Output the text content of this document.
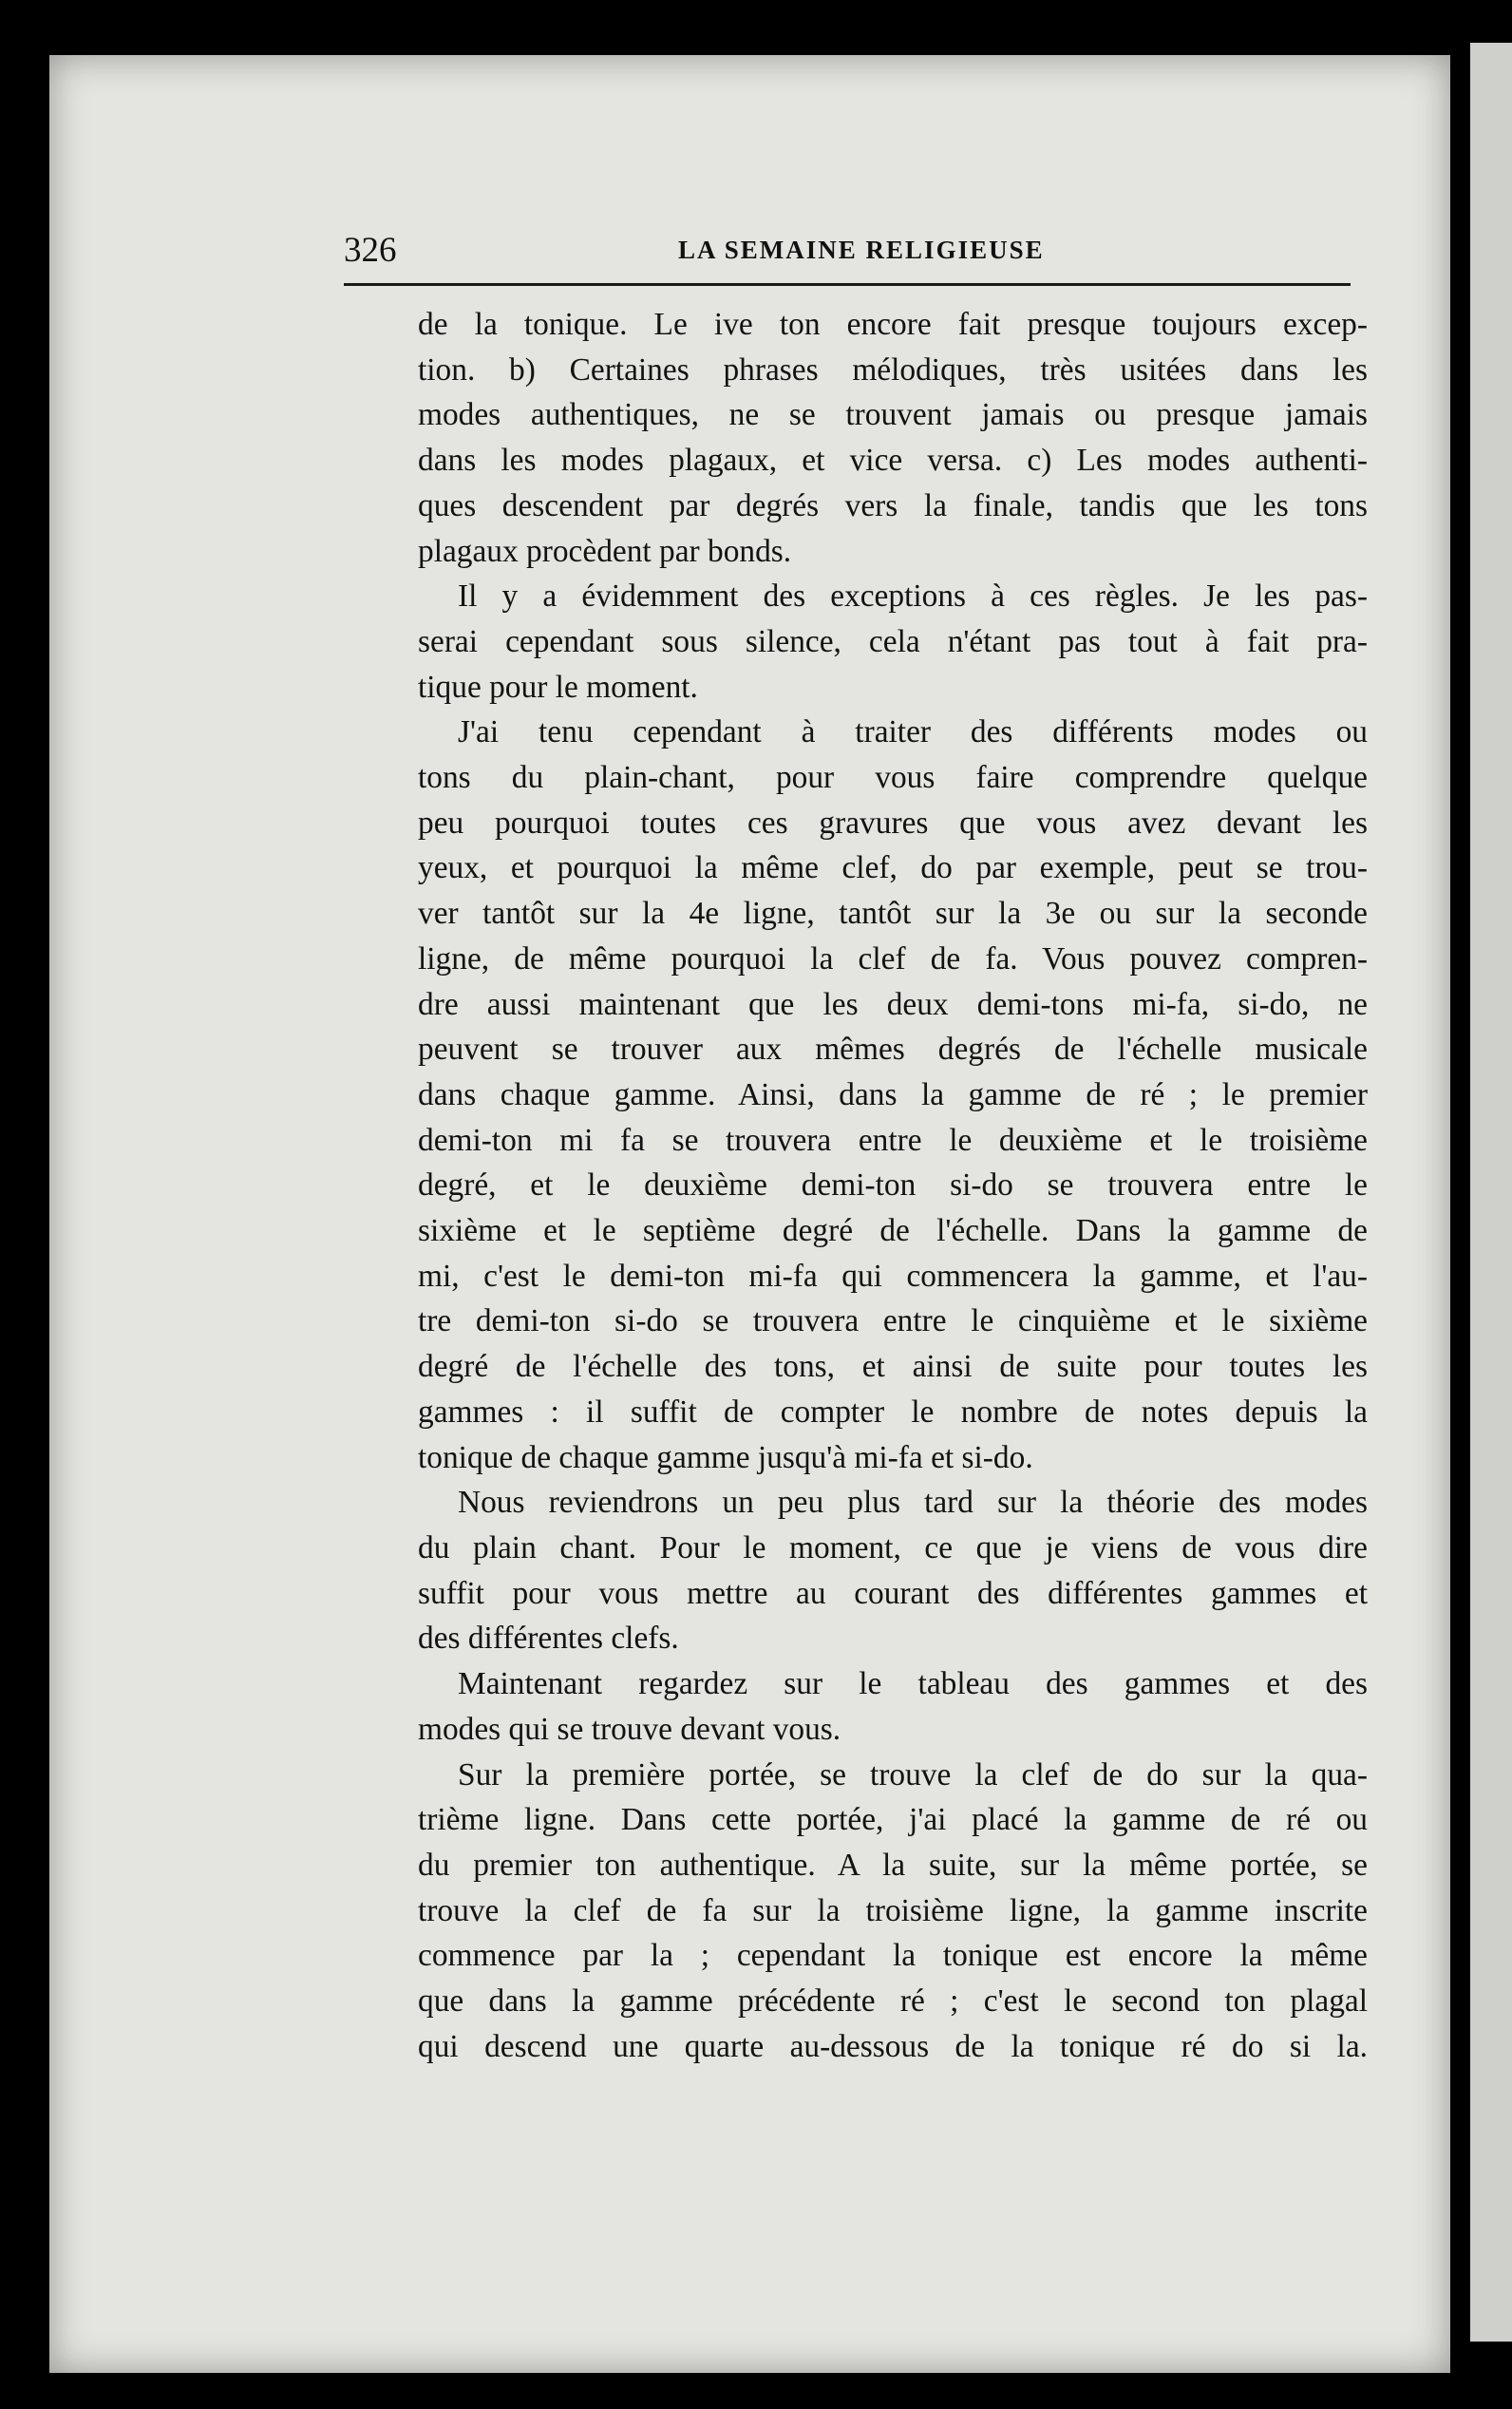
326	LA SEMAINE RELIGIEUSE
de la tonique. Le ive ton encore fait presque toujours excep-
tion. b) Certaines phrases mélodiques, très usitées dans les
modes authentiques, ne se trouvent jamais ou presque jamais
dans les modes plagaux, et vice versa. c) Les modes authenti-
ques descendent par degrés vers la finale, tandis que les tons
plagaux procèdent par bonds.
Il y a évidemment des exceptions à ces règles. Je les pas-
serai cependant sous silence, cela n'étant pas tout à fait pra-
tique pour le moment.
J'ai tenu cependant à traiter des différents modes ou
tons du plain-chant, pour vous faire comprendre quelque
peu pourquoi toutes ces gravures que vous avez devant les
yeux, et pourquoi la même clef, do par exemple, peut se trou-
ver tantôt sur la 4e ligne, tantôt sur la 3e ou sur la seconde
ligne, de même pourquoi la clef de fa. Vous pouvez compren-
dre aussi maintenant que les deux demi-tons mi-fa, si-do, ne
peuvent se trouver aux mêmes degrés de l'échelle musicale
dans chaque gamme. Ainsi, dans la gamme de ré ; le premier
demi-ton mi fa se trouvera entre le deuxième et le troisième
degré, et le deuxième demi-ton si-do se trouvera entre le
sixième et le septième degré de l'échelle. Dans la gamme de
mi, c'est le demi-ton mi-fa qui commencera la gamme, et l'au-
tre demi-ton si-do se trouvera entre le cinquième et le sixième
degré de l'échelle des tons, et ainsi de suite pour toutes les
gammes : il suffit de compter le nombre de notes depuis la
tonique de chaque gamme jusqu'à mi-fa et si-do.
Nous reviendrons un peu plus tard sur la théorie des modes
du plain chant. Pour le moment, ce que je viens de vous dire
suffit pour vous mettre au courant des différentes gammes et
des différentes clefs.
Maintenant regardez sur le tableau des gammes et des
modes qui se trouve devant vous.
Sur la première portée, se trouve la clef de do sur la qua-
trième ligne. Dans cette portée, j'ai placé la gamme de ré ou
du premier ton authentique. A la suite, sur la même portée, se
trouve la clef de fa sur la troisième ligne, la gamme inscrite
commence par la ; cependant la tonique est encore la même
que dans la gamme précédente ré ; c'est le second ton plagal
qui descend une quarte au-dessous de la tonique ré do si la.
